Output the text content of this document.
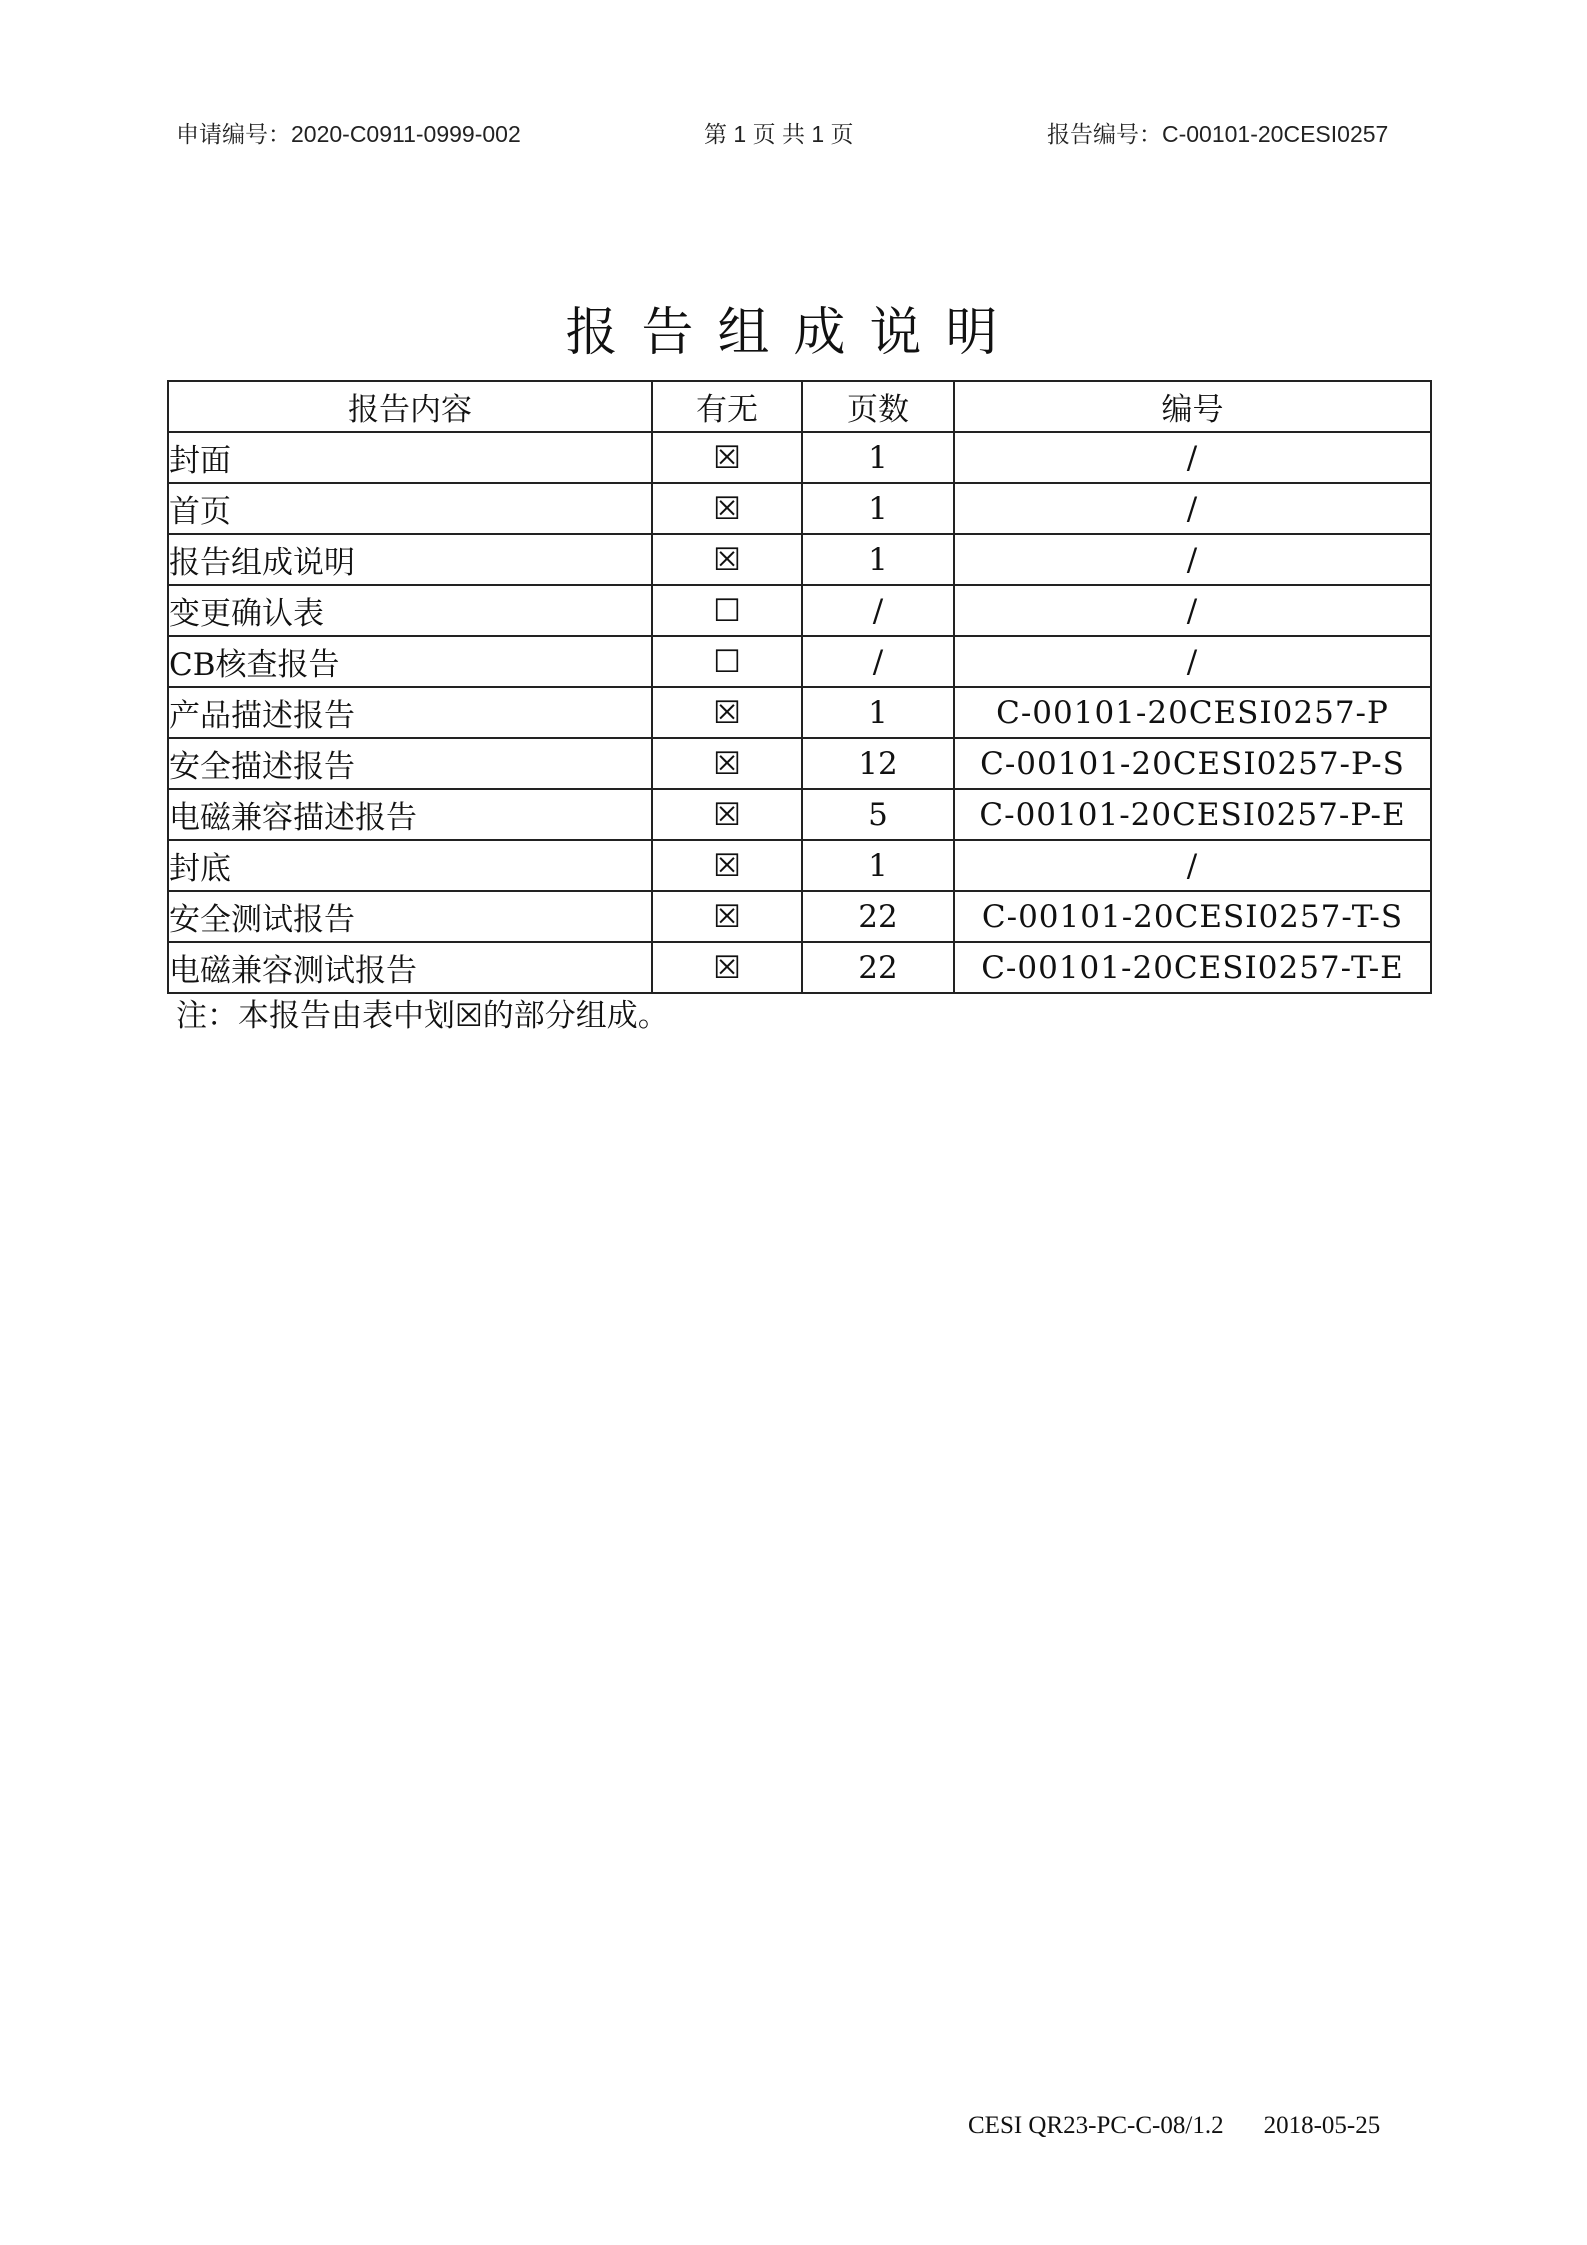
申请编号：2020-C0911-0999-002	第 1 页 共 1 页	报告编号：C-00101-20CESI0257
报告组成说明
报告内容	有无	页数	编号
封面	☒	1	/
首页	☒	1	/
报告组成说明	☒	1	/
变更确认表	☐	/	/
CB核查报告	☐	/	/
产品描述报告	☒	1	C-00101-20CESI0257-P
安全描述报告	☒	12	C-00101-20CESI0257-P-S
电磁兼容描述报告	☒	5	C-00101-20CESI0257-P-E
封底	☒	1	/
安全测试报告	☒	22	C-00101-20CESI0257-T-S
电磁兼容测试报告	☒	22	C-00101-20CESI0257-T-E
注：本报告由表中划☒的部分组成。
CESI QR23-PC-C-08/1.2 2018-05-25
